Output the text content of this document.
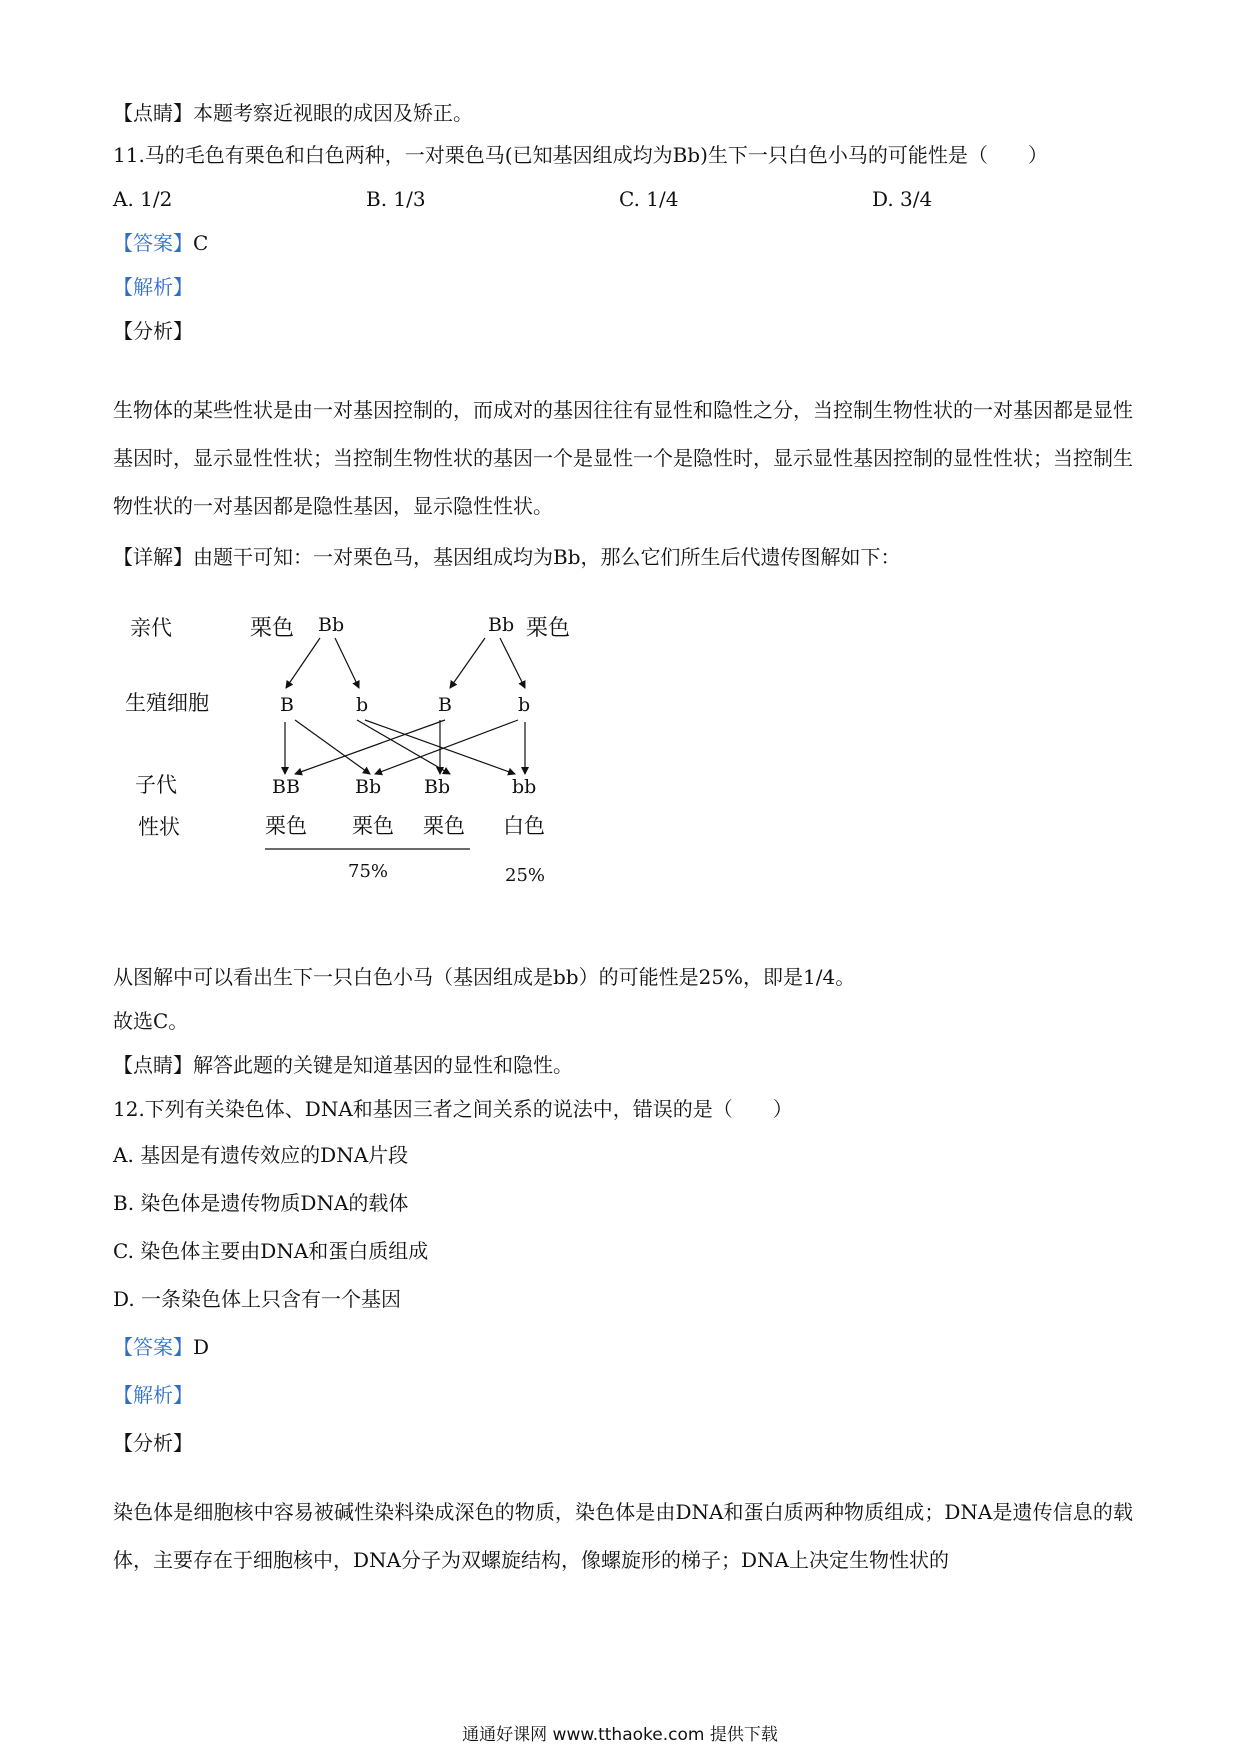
【点睛】本题考察近视眼的成因及矫正。
11.马的毛色有栗色和白色两种，一对栗色马(已知基因组成均为Bb)生下一只白色小马的可能性是（　　）
A. 1/2	B. 1/3	C. 1/4	D. 3/4
【答案】C
【解析】
【分析】
生物体的某些性状是由一对基因控制的，而成对的基因往往有显性和隐性之分，当控制生物性状的一对基因都是显性基因时，显示显性性状；当控制生物性状的基因一个是显性一个是隐性时，显示显性基因控制的显性性状；当控制生物性状的一对基因都是隐性基因，显示隐性性状。
【详解】由题干可知：一对栗色马，基因组成均为Bb，那么它们所生后代遗传图解如下：
亲代
生殖细胞
子代
性状
栗色 Bb	Bb 栗色
B	b	B	b
BB	Bb Bb	bb
栗色 栗色 栗色 白色
75%	25%
从图解中可以看出生下一只白色小马（基因组成是bb）的可能性是25%，即是1/4。
故选C。
【点睛】解答此题的关键是知道基因的显性和隐性。
12.下列有关染色体、DNA和基因三者之间关系的说法中，错误的是（　　）
A. 基因是有遗传效应的DNA片段
B. 染色体是遗传物质DNA的载体
C. 染色体主要由DNA和蛋白质组成
D. 一条染色体上只含有一个基因
【答案】D
【解析】
【分析】
染色体是细胞核中容易被碱性染料染成深色的物质，染色体是由DNA和蛋白质两种物质组成；DNA是遗传信息的载体，主要存在于细胞核中，DNA分子为双螺旋结构，像螺旋形的梯子；DNA上决定生物性状的
通通好课网 www.tthaoke.com 提供下载
